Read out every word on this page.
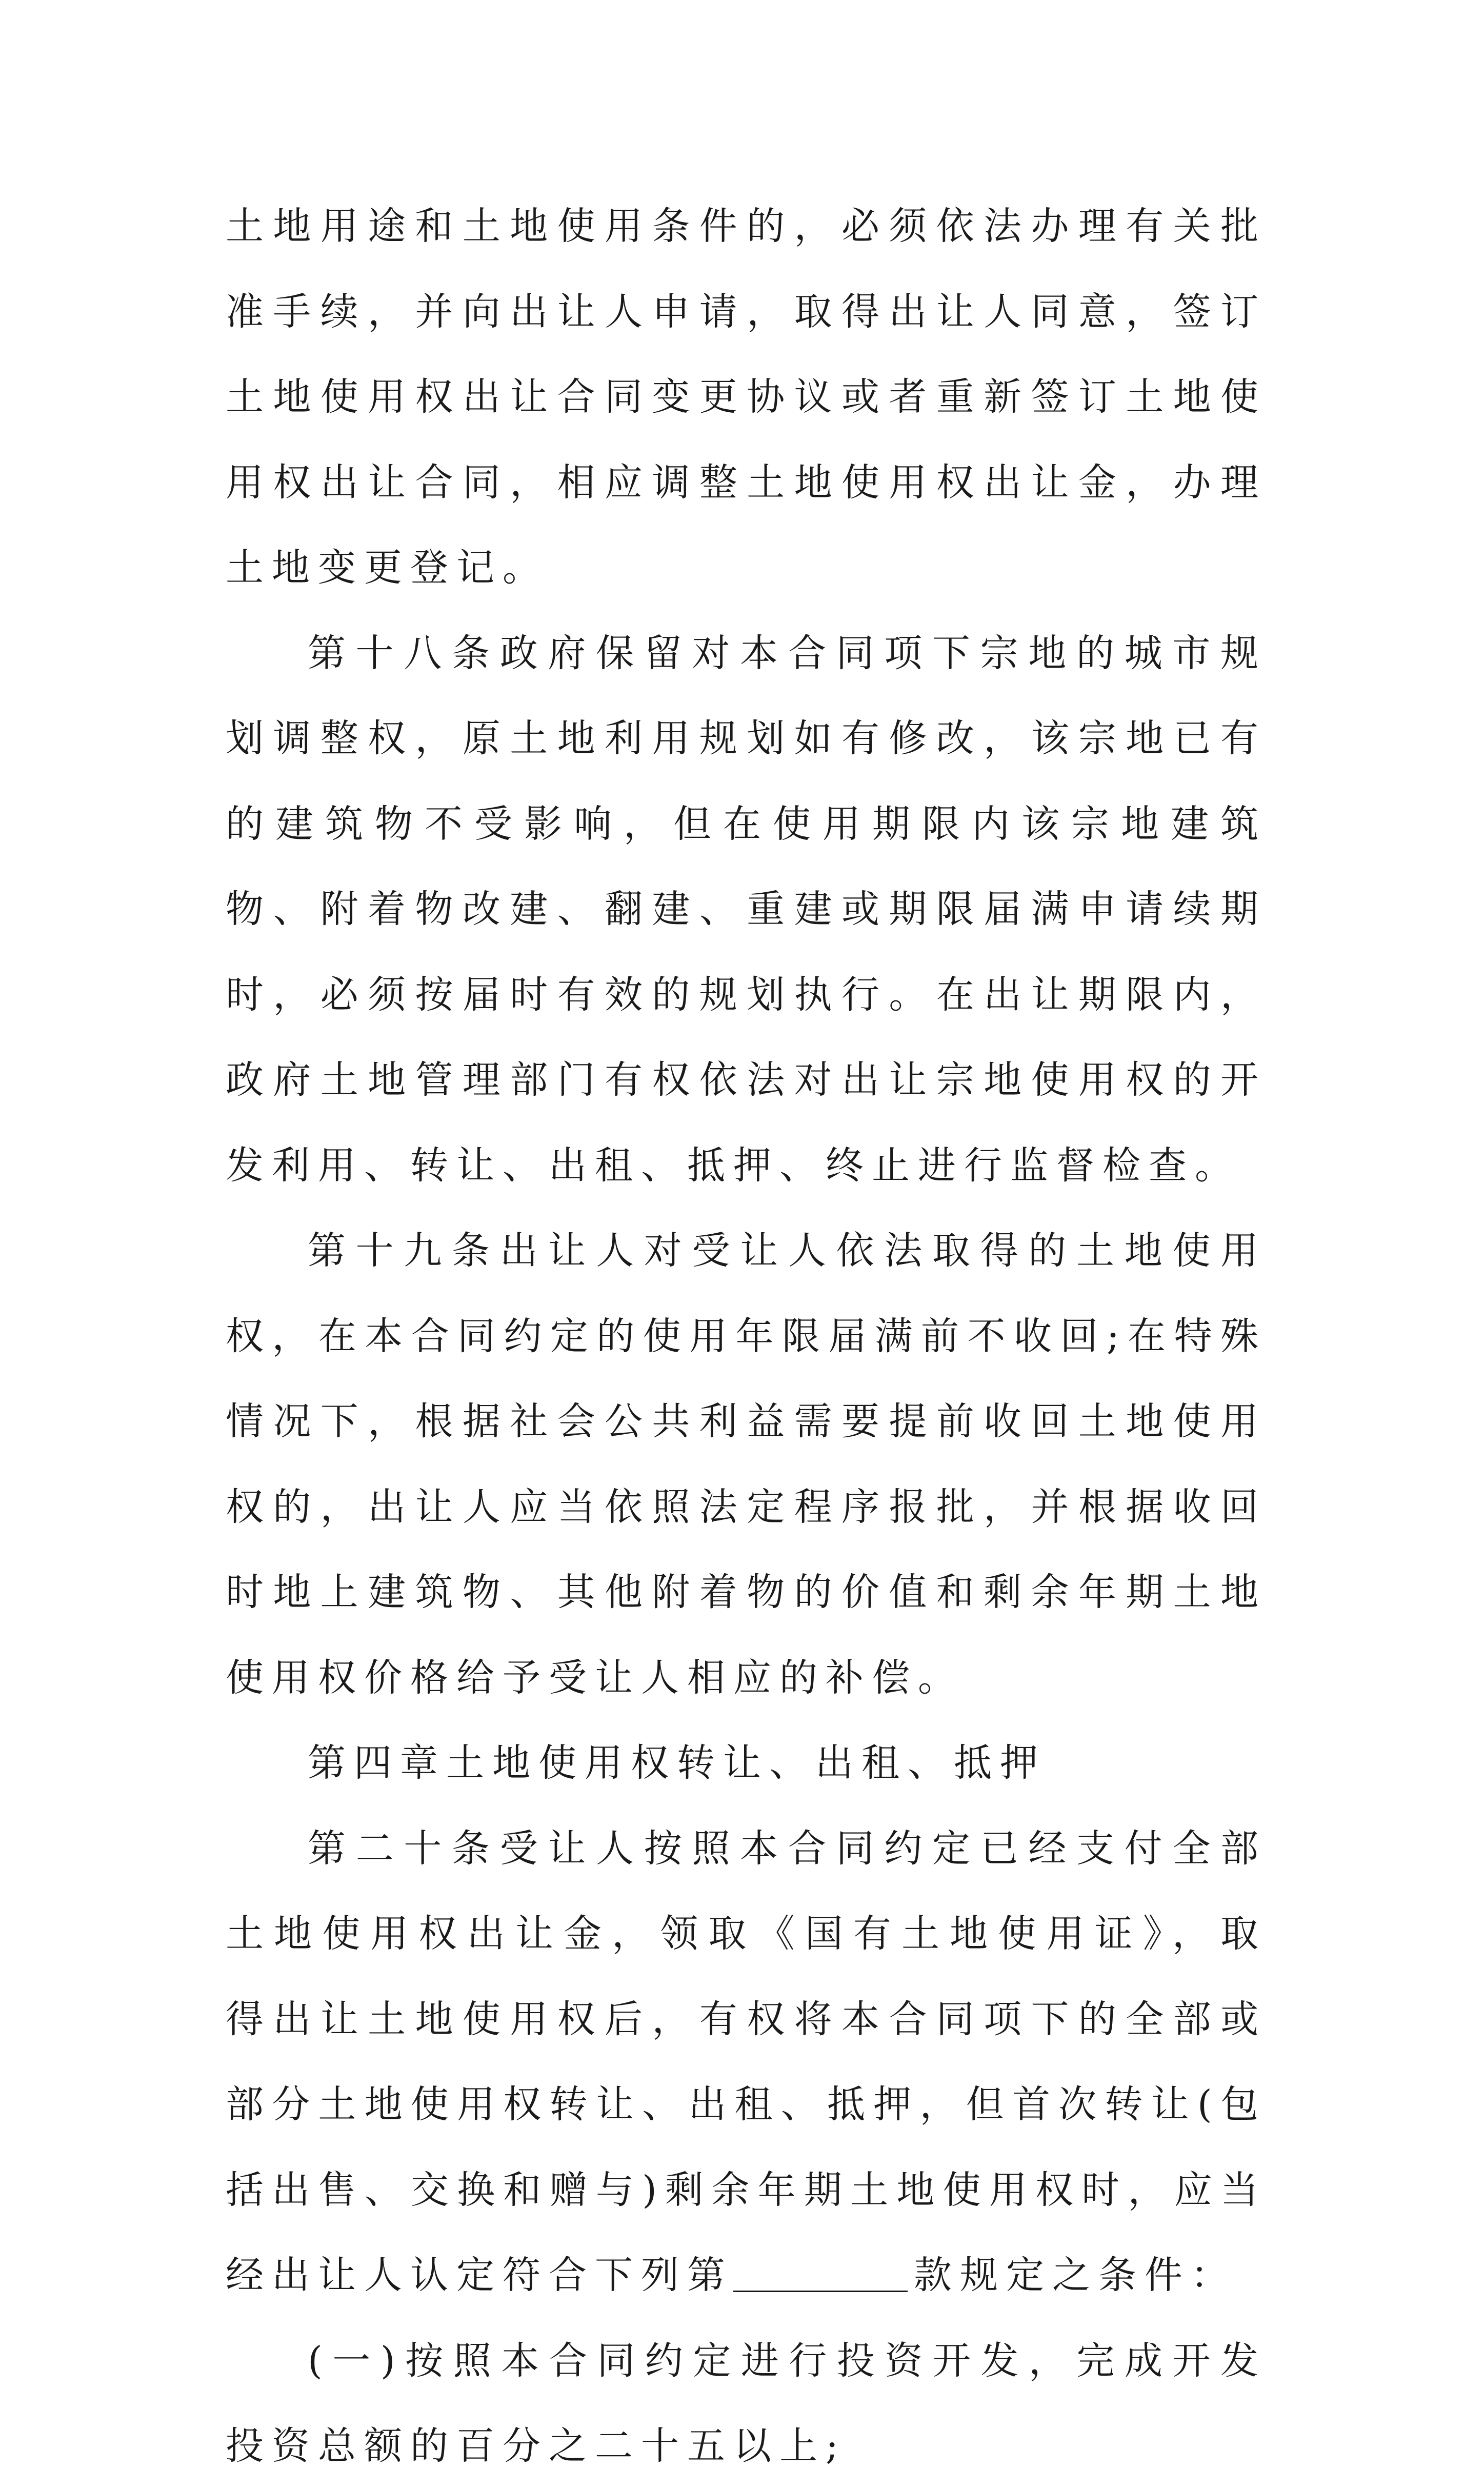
土地用途和土地使用条件的，必须依法办理有关批准手续，并向出让人申请，取得出让人同意，签订土地使用权出让合同变更协议或者重新签订土地使用权出让合同，相应调整土地使用权出让金，办理土地变更登记。

第十八条政府保留对本合同项下宗地的城市规划调整权，原土地利用规划如有修改，该宗地已有的建筑物不受影响，但在使用期限内该宗地建筑物、附着物改建、翻建、重建或期限届满申请续期时，必须按届时有效的规划执行。在出让期限内，政府土地管理部门有权依法对出让宗地使用权的开发利用、转让、出租、抵押、终止进行监督检查。

第十九条出让人对受让人依法取得的土地使用权，在本合同约定的使用年限届满前不收回;在特殊情况下，根据社会公共利益需要提前收回土地使用权的，出让人应当依照法定程序报批，并根据收回时地上建筑物、其他附着物的价值和剩余年期土地使用权价格给予受让人相应的补偿。

第四章土地使用权转让、出租、抵押

第二十条受让人按照本合同约定已经支付全部土地使用权出让金，领取《国有土地使用证》，取得出让土地使用权后，有权将本合同项下的全部或部分土地使用权转让、出租、抵押，但首次转让(包括出售、交换和赠与)剩余年期土地使用权时，应当经出让人认定符合下列第	款规定之条件：

(一)按照本合同约定进行投资开发，完成开发投资总额的百分之二十五以上;
